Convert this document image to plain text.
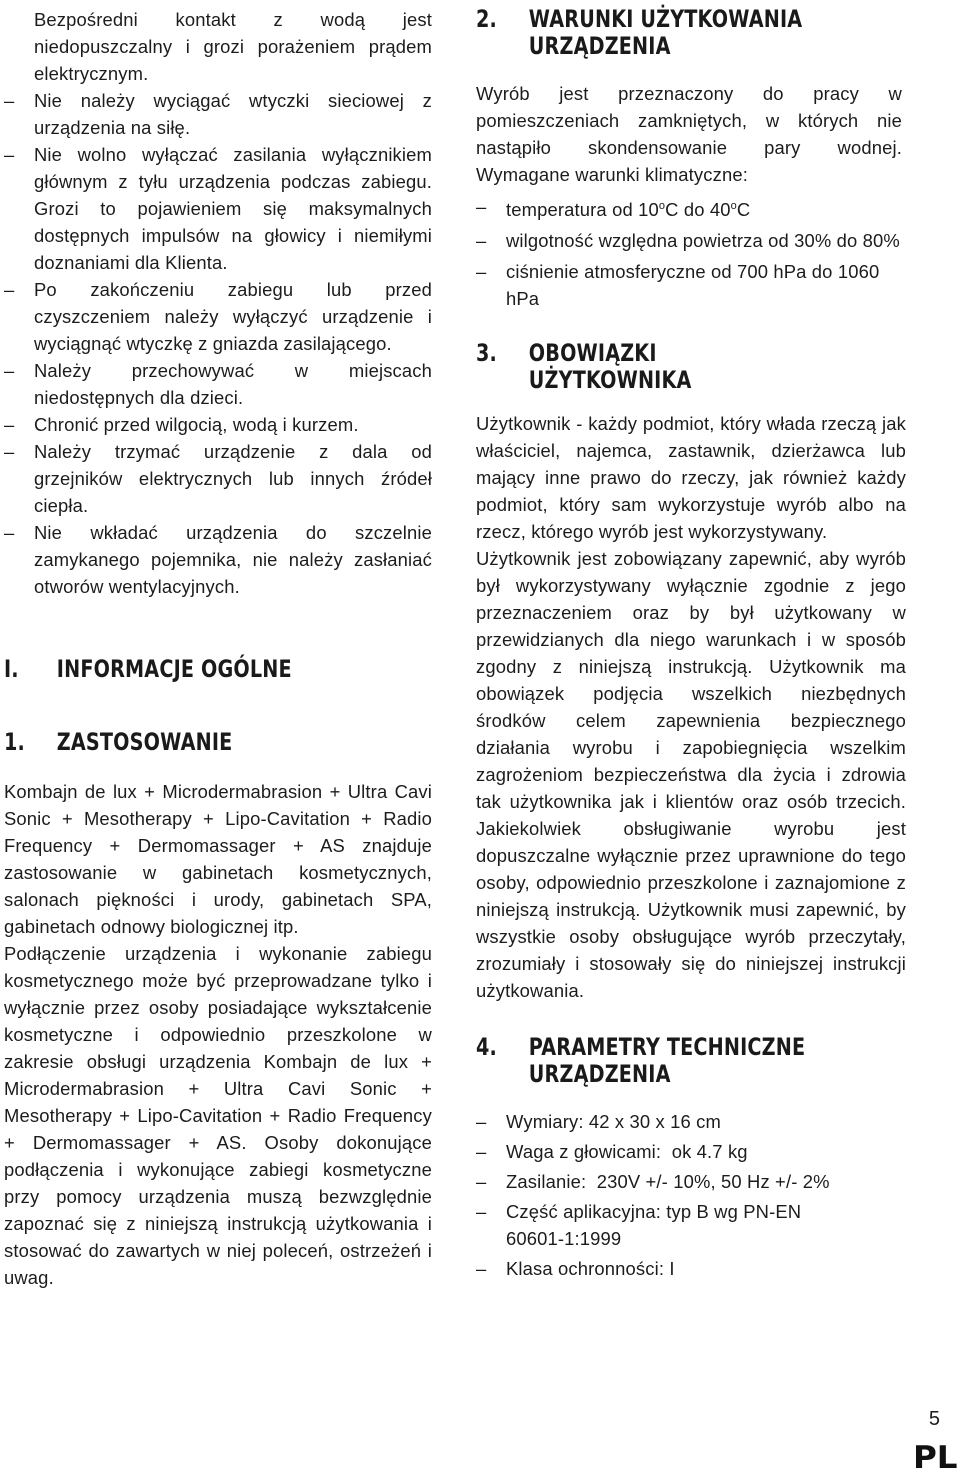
Bezpośredni kontakt z wodą jest niedopuszczalny i grozi porażeniem prądem elektrycznym.
–	Nie należy wyciągać wtyczki sieciowej z urządzenia na siłę.
–	Nie wolno wyłączać zasilania wyłącznikiem głównym z tyłu urządzenia podczas zabiegu. Grozi to pojawieniem się maksymalnych dostępnych impulsów na głowicy i niemiłymi doznaniami dla Klienta.
–	Po zakończeniu zabiegu lub przed czyszczeniem należy wyłączyć urządzenie i wyciągnąć wtyczkę z gniazda zasilającego.
–	Należy przechowywać w miejscach niedostępnych dla dzieci.
–	Chronić przed wilgocią, wodą i kurzem.
–	Należy trzymać urządzenie z dala od grzejników elektrycznych lub innych źródeł ciepła.
–	Nie wkładać urządzenia do szczelnie zamykanego pojemnika, nie należy zasłaniać otworów wentylacyjnych.
I.	INFORMACJE OGÓLNE
1.	ZASTOSOWANIE

Kombajn de lux + Microdermabrasion + Ultra Cavi Sonic + Mesotherapy + Lipo-Cavitation + Radio Frequency + Dermomassager + AS znajduje zastosowanie w gabinetach kosmetycznych, salonach piękności i urody, gabinetach SPA, gabinetach odnowy biologicznej itp.

Podłączenie urządzenia i wykonanie zabiegu kosmetycznego może być przeprowadzane tylko i wyłącznie przez osoby posiadające wykształcenie kosmetyczne i odpowiednio przeszkolone w zakresie obsługi urządzenia Kombajn de lux + Microdermabrasion + Ultra Cavi Sonic + Mesotherapy + Lipo-Cavitation + Radio Frequency + Dermomassager + AS. Osoby dokonujące podłączenia i wykonujące zabiegi kosmetyczne przy pomocy urządzenia muszą bezwzględnie zapoznać się z niniejszą instrukcją użytkowania i stosować do zawartych w niej poleceń, ostrzeżeń i uwag.

2.	WARUNKI UŻYTKOWANIA
URZĄDZENIA

Wyrób jest przeznaczony do pracy w pomieszczeniach zamkniętych, w których nie nastąpiło skondensowanie pary wodnej. Wymagane warunki klimatyczne:

–	temperatura od 10$^o$C do 40$^o$C
–	wilgotność względna powietrza od 30% do 80%
–	ciśnienie atmosferyczne od 700 hPa do 1060 hPa
3.	OBOWIĄZKI UŻYTKOWNIKA

Użytkownik - każdy podmiot, który włada rzeczą jak właściciel, najemca, zastawnik, dzierżawca lub mający inne prawo do rzeczy, jak również każdy podmiot, który sam wykorzystuje wyrób albo na rzecz, którego wyrób jest wykorzystywany.

Użytkownik jest zobowiązany zapewnić, aby wyrób był wykorzystywany wyłącznie zgodnie z jego przeznaczeniem oraz by był użytkowany w przewidzianych dla niego warunkach i w sposób zgodny z niniejszą instrukcją. Użytkownik ma obowiązek podjęcia wszelkich niezbędnych środków celem zapewnienia bezpiecznego działania wyrobu i zapobiegnięcia wszelkim zagrożeniom bezpieczeństwa dla życia i zdrowia tak użytkownika jak i klientów oraz osób trzecich. Jakiekolwiek obsługiwanie wyrobu jest dopuszczalne wyłącznie przez uprawnione do tego osoby, odpowiednio przeszkolone i zaznajomione z niniejszą instrukcją. Użytkownik musi zapewnić, by wszystkie osoby obsługujące wyrób przeczytały, zrozumiały i stosowały się do niniejszej instrukcji użytkowania.

4.	PARAMETRY TECHNICZNE
URZĄDZENIA
–	Wymiary: 42 x 30 x 16 cm
–	Waga z głowicami:  ok 4.7 kg
–	Zasilanie:  230V +/- 10%, 50 Hz +/- 2%
–	Część aplikacyjna: typ B wg PN-EN 60601-1:1999
–	Klasa ochronności: I
5
PL
